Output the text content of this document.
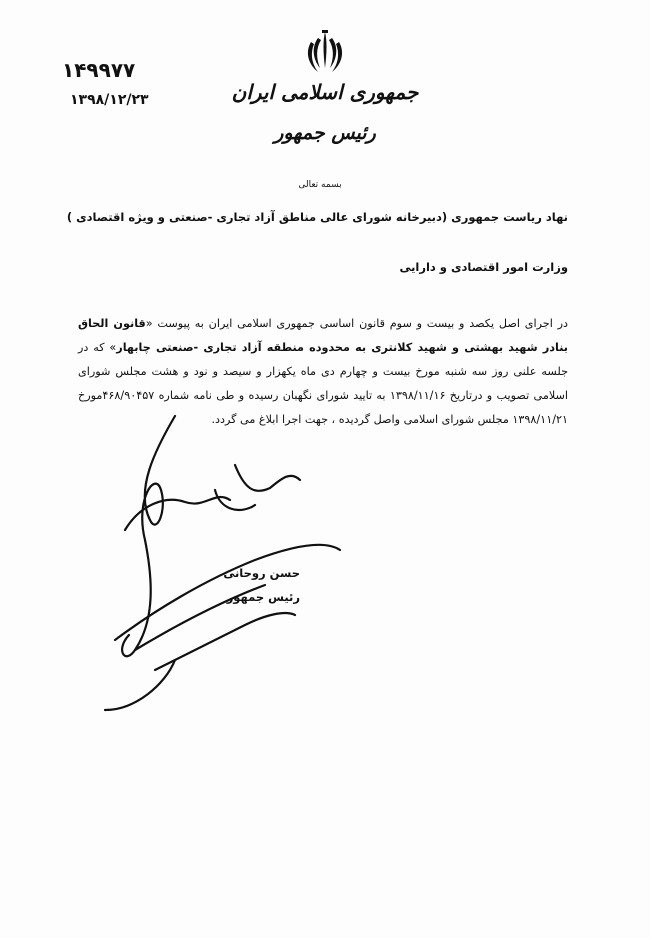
۱۴۹۹۷۷
۱۳۹۸/۱۲/۲۳	جمهوری اسلامی ایران
رئیس جمهور
بسمه تعالی
نهاد ریاست جمهوری (دبیرخانه شورای عالی مناطق آزاد تجاری -صنعتی و ویژه اقتصادی )
وزارت امور اقتصادی و دارایی
در اجرای اصل یکصد و بیست و سوم قانون اساسی جمهوری اسلامی ایران به پیوست «قانون الحاق بنادر شهید بهشتی و شهید کلانتری به محدوده منطقه آزاد تجاری -صنعتی چابهار» که در جلسه علنی روز سه شنبه مورخ بیست و چهارم دی ماه یکهزار و سیصد و نود و هشت مجلس شورای اسلامی تصویب و درتاریخ ۱۳۹۸/۱۱/۱۶ به تایید شورای نگهبان رسیده و طی نامه شماره ۴۶۸/۹۰۴۵۷مورخ ۱۳۹۸/۱۱/۲۱ مجلس شورای اسلامی واصل گردیده ، جهت اجرا ابلاغ می گردد.
حسن روحانی
رئیس جمهور
